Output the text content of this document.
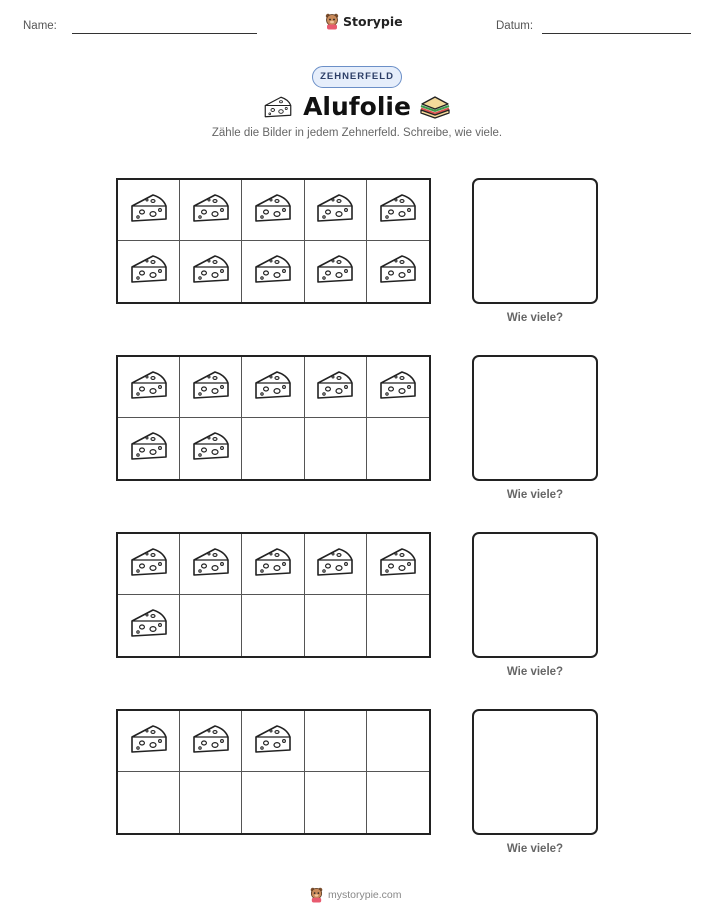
Name:	Storypie	Datum:
ZEHNERFELD
Alufolie
Zähle die Bilder in jedem Zehnerfeld. Schreibe, wie viele.
Wie viele?
Wie viele?
Wie viele?
Wie viele?
mystorypie.com
